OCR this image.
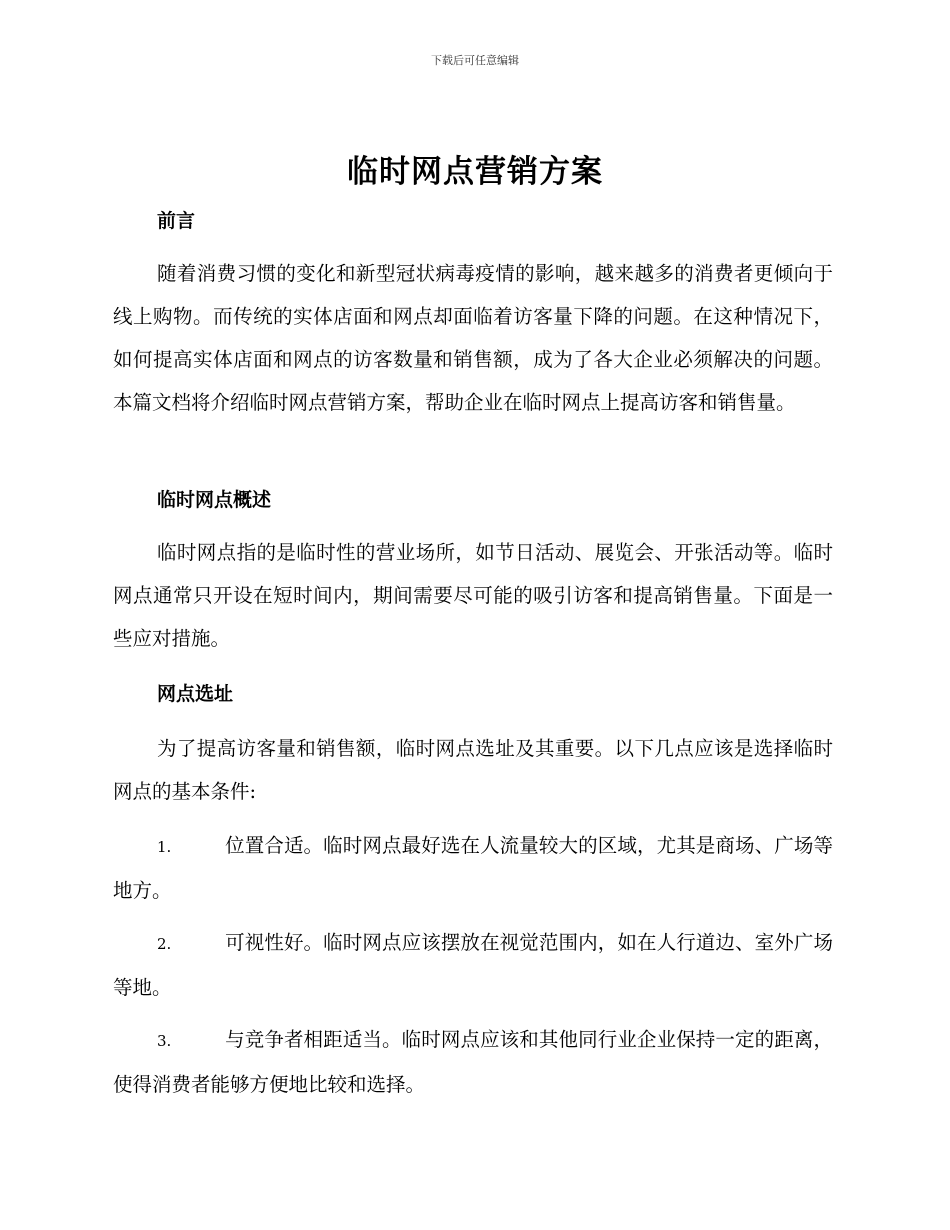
下载后可任意编辑
临时网点营销方案
前言
随着消费习惯的变化和新型冠状病毒疫情的影响，越来越多的消费者更倾向于线上购物。而传统的实体店面和网点却面临着访客量下降的问题。在这种情况下，如何提高实体店面和网点的访客数量和销售额，成为了各大企业必须解决的问题。本篇文档将介绍临时网点营销方案，帮助企业在临时网点上提高访客和销售量。
临时网点概述
临时网点指的是临时性的营业场所，如节日活动、展览会、开张活动等。临时网点通常只开设在短时间内，期间需要尽可能的吸引访客和提高销售量。下面是一些应对措施。
网点选址
为了提高访客量和销售额，临时网点选址及其重要。以下几点应该是选择临时网点的基本条件:
1.	位置合适。临时网点最好选在人流量较大的区域，尤其是商场、广场等地方。
2.	可视性好。临时网点应该摆放在视觉范围内，如在人行道边、室外广场等地。
3.	与竞争者相距适当。临时网点应该和其他同行业企业保持一定的距离，使得消费者能够方便地比较和选择。
